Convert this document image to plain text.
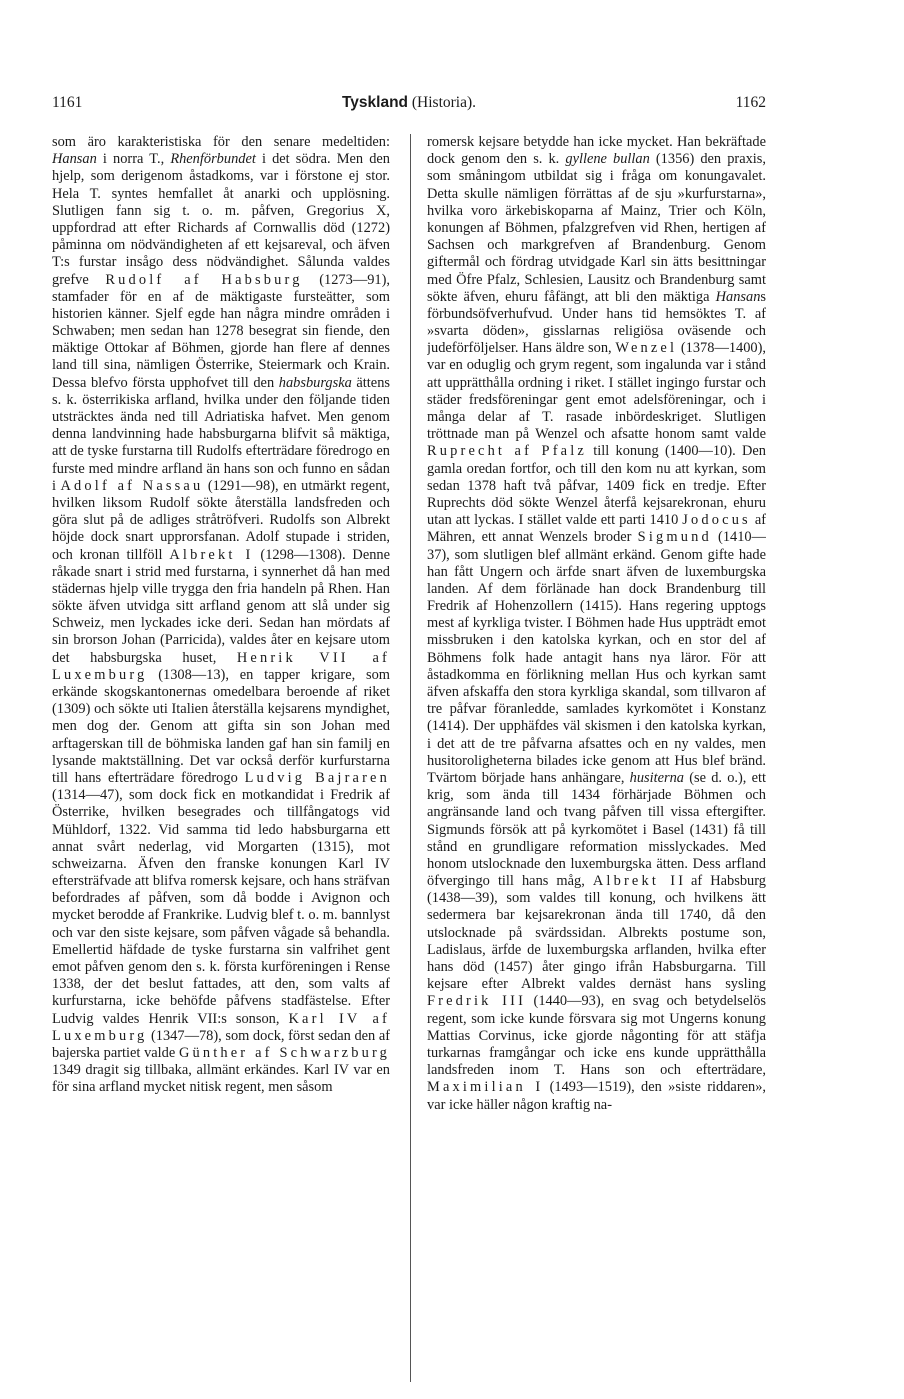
1161	Tyskland (Historia).	1162

som äro karakteristiska för den senare medeltiden: Hansan i norra T., Rhenförbundet i det södra. Men den hjelp, som derigenom åstadkoms, var i förstone ej stor. Hela T. syntes hemfallet åt anarki och upplösning. Slutligen fann sig t. o. m. påfven, Gregorius X, uppfordrad att efter Richards af Cornwallis död (1272) påminna om nödvändigheten af ett kejsareval, och äfven T:s furstar insågo dess nödvändighet. Sålunda valdes grefve Rudolf af Habsburg (1273—91), stamfader för en af de mäktigaste fursteätter, som historien känner. Sjelf egde han några mindre områden i Schwaben; men sedan han 1278 besegrat sin fiende, den mäktige Ottokar af Böhmen, gjorde han flere af dennes land till sina, nämligen Österrike, Steiermark och Krain. Dessa blefvo första upphofvet till den habsburgska ättens s. k. österrikiska arfland, hvilka under den följande tiden utsträcktes ända ned till Adriatiska hafvet. Men genom denna landvinning hade habsburgarna blifvit så mäktiga, att de tyske furstarna till Rudolfs efterträdare föredrogo en furste med mindre arfland än hans son och funno en sådan i Adolf af Nassau (1291—98), en utmärkt regent, hvilken liksom Rudolf sökte återställa landsfreden och göra slut på de adliges stråtröfveri. Rudolfs son Albrekt höjde dock snart upprorsfanan. Adolf stupade i striden, och kronan tillföll Albrekt I (1298—1308). Denne råkade snart i strid med furstarna, i synnerhet då han med städernas hjelp ville trygga den fria handeln på Rhen. Han sökte äfven utvidga sitt arfland genom att slå under sig Schweiz, men lyckades icke deri. Sedan han mördats af sin brorson Johan (Parricida), valdes åter en kejsare utom det habsburgska huset, Henrik VII af Luxemburg (1308—13), en tapper krigare, som erkände skogskantonernas omedelbara beroende af riket (1309) och sökte uti Italien återställa kejsarens myndighet, men dog der. Genom att gifta sin son Johan med arftagerskan till de böhmiska landen gaf han sin familj en lysande maktställning. Det var också derför kurfurstarna till hans efterträdare föredrogo Ludvig Bajraren (1314—47), som dock fick en motkandidat i Fredrik af Österrike, hvilken besegrades och tillfångatogs vid Mühldorf, 1322. Vid samma tid ledo habsburgarna ett annat svårt nederlag, vid Morgarten (1315), mot schweizarna. Äfven den franske konungen Karl IV eftersträfvade att blifva romersk kejsare, och hans sträfvan befordrades af påfven, som då bodde i Avignon och mycket berodde af Frankrike. Ludvig blef t. o. m. bannlyst och var den siste kejsare, som påfven vågade så behandla. Emellertid häfdade de tyske furstarna sin valfrihet gent emot påfven genom den s. k. första kurföreningen i Rense 1338, der det beslut fattades, att den, som valts af kurfurstarna, icke behöfde påfvens stadfästelse. Efter Ludvig valdes Henrik VII:s sonson, Karl IV af Luxemburg (1347—78), som dock, först sedan den af bajerska partiet valde Günther af Schwarzburg 1349 dragit sig tillbaka, allmänt erkändes. Karl IV var en för sina arfland mycket nitisk regent, men såsom

romersk kejsare betydde han icke mycket. Han bekräftade dock genom den s. k. gyllene bullan (1356) den praxis, som småningom utbildat sig i fråga om konungavalet. Detta skulle nämligen förrättas af de sju »kurfurstarna», hvilka voro ärkebiskoparna af Mainz, Trier och Köln, konungen af Böhmen, pfalzgrefven vid Rhen, hertigen af Sachsen och markgrefven af Brandenburg. Genom giftermål och fördrag utvidgade Karl sin ätts besittningar med Öfre Pfalz, Schlesien, Lausitz och Brandenburg samt sökte äfven, ehuru fåfängt, att bli den mäktiga Hansans förbundsöfverhufvud. Under hans tid hemsöktes T. af »svarta döden», gisslarnas religiösa oväsende och judeförföljelser. Hans äldre son, Wenzel (1378—1400), var en oduglig och grym regent, som ingalunda var i stånd att upprätthålla ordning i riket. I stället ingingo furstar och städer fredsföreningar gent emot adelsföreningar, och i många delar af T. rasade inbördeskriget. Slutligen tröttnade man på Wenzel och afsatte honom samt valde Ruprecht af Pfalz till konung (1400—10). Den gamla oredan fortfor, och till den kom nu att kyrkan, som sedan 1378 haft två påfvar, 1409 fick en tredje. Efter Ruprechts död sökte Wenzel återfå kejsarekronan, ehuru utan att lyckas. I stället valde ett parti 1410 Jodocus af Mähren, ett annat Wenzels broder Sigmund (1410—37), som slutligen blef allmänt erkänd. Genom gifte hade han fått Ungern och ärfde snart äfven de luxemburgska landen. Af dem förlänade han dock Brandenburg till Fredrik af Hohenzollern (1415). Hans regering upptogs mest af kyrkliga tvister. I Böhmen hade Hus uppträdt emot missbruken i den katolska kyrkan, och en stor del af Böhmens folk hade antagit hans nya läror. För att åstadkomma en förlikning mellan Hus och kyrkan samt äfven afskaffa den stora kyrkliga skandal, som tillvaron af tre påfvar föranledde, samlades kyrkomötet i Konstanz (1414). Der upphäfdes väl skismen i den katolska kyrkan, i det att de tre påfvarna afsattes och en ny valdes, men husitoroligheterna bilades icke genom att Hus blef bränd. Tvärtom började hans anhängare, husiterna (se d. o.), ett krig, som ända till 1434 förhärjade Böhmen och angränsande land och tvang påfven till vissa eftergifter. Sigmunds försök att på kyrkomötet i Basel (1431) få till stånd en grundligare reformation misslyckades. Med honom utslocknade den luxemburgska ätten. Dess arfland öfvergingo till hans måg, Albrekt II af Habsburg (1438—39), som valdes till konung, och hvilkens ätt sedermera bar kejsarekronan ända till 1740, då den utslocknade på svärdssidan. Albrekts postume son, Ladislaus, ärfde de luxemburgska arflanden, hvilka efter hans död (1457) åter gingo ifrån Habsburgarna. Till kejsare efter Albrekt valdes dernäst hans sysling Fredrik III (1440—93), en svag och betydelselös regent, som icke kunde försvara sig mot Ungerns konung Mattias Corvinus, icke gjorde någonting för att stäfja turkarnas framgångar och icke ens kunde upprätthålla landsfreden inom T. Hans son och efterträdare, Maximilian I (1493—1519), den »siste riddaren», var icke häller någon kraftig na-
